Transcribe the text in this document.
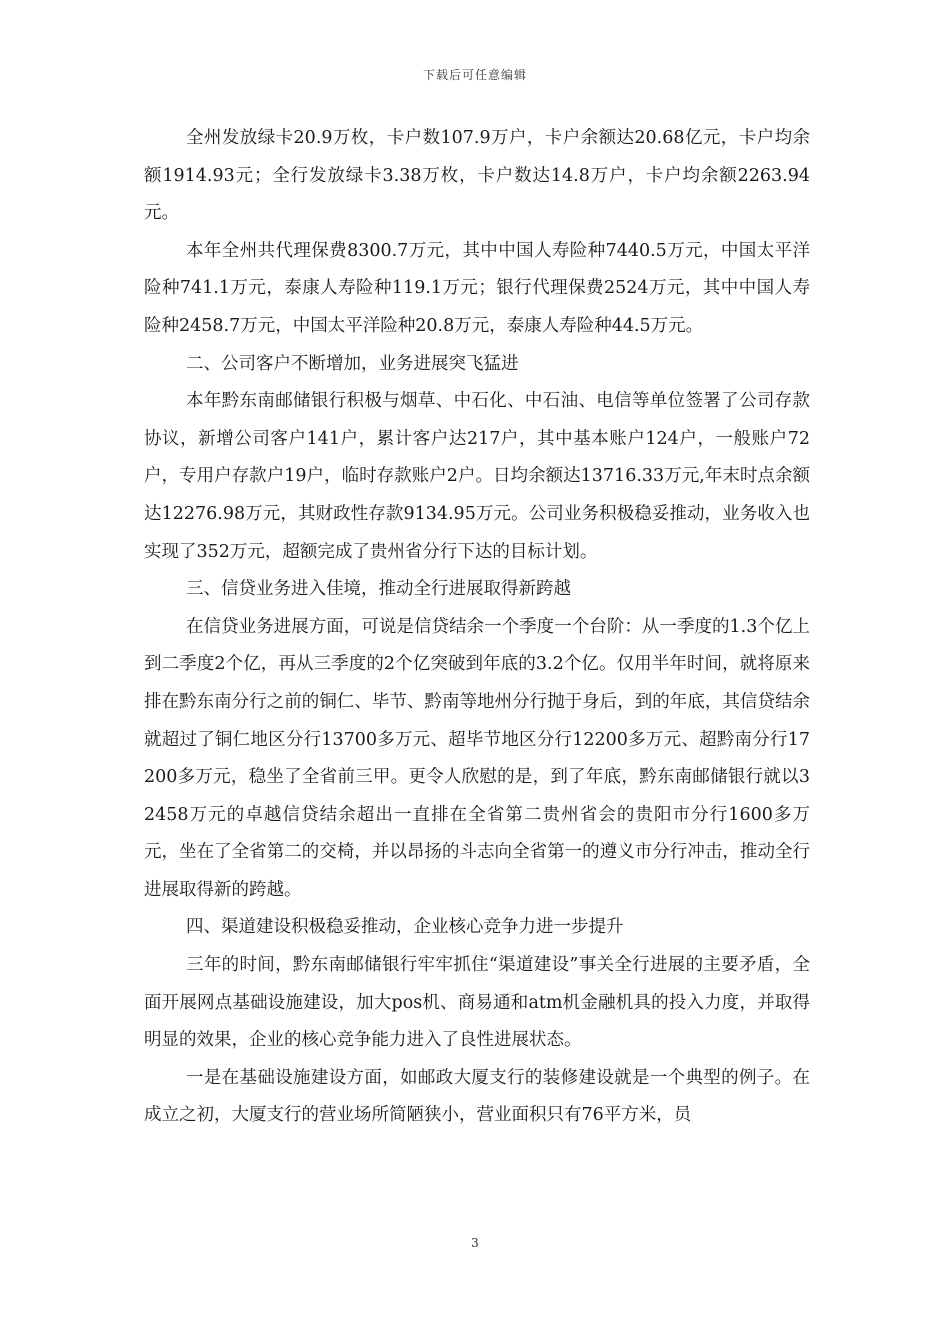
下载后可任意编辑

全州发放绿卡20.9万枚，卡户数107.9万户，卡户余额达20.68亿元，卡户均余额1914.93元；全行发放绿卡3.38万枚，卡户数达14.8万户，卡户均余额2263.94元。

本年全州共代理保费8300.7万元，其中中国人寿险种7440.5万元，中国太平洋险种741.1万元，泰康人寿险种119.1万元；银行代理保费2524万元，其中中国人寿险种2458.7万元，中国太平洋险种20.8万元，泰康人寿险种44.5万元。

二、公司客户不断增加，业务进展突飞猛进

本年黔东南邮储银行积极与烟草、中石化、中石油、电信等单位签署了公司存款协议，新增公司客户141户，累计客户达217户，其中基本账户124户，一般账户72户，专用户存款户19户，临时存款账户2户。日均余额达13716.33万元,年末时点余额达12276.98万元，其财政性存款9134.95万元。公司业务积极稳妥推动，业务收入也实现了352万元，超额完成了贵州省分行下达的目标计划。

三、信贷业务进入佳境，推动全行进展取得新跨越

在信贷业务进展方面，可说是信贷结余一个季度一个台阶：从一季度的1.3个亿上到二季度2个亿，再从三季度的2个亿突破到年底的3.2个亿。仅用半年时间，就将原来排在黔东南分行之前的铜仁、毕节、黔南等地州分行抛于身后，到的年底，其信贷结余就超过了铜仁地区分行13700多万元、超毕节地区分行12200多万元、超黔南分行17200多万元，稳坐了全省前三甲。更令人欣慰的是，到了年底，黔东南邮储银行就以32458万元的卓越信贷结余超出一直排在全省第二贵州省会的贵阳市分行1600多万元，坐在了全省第二的交椅，并以昂扬的斗志向全省第一的遵义市分行冲击，推动全行进展取得新的跨越。

四、渠道建设积极稳妥推动，企业核心竞争力进一步提升

三年的时间，黔东南邮储银行牢牢抓住“渠道建设”事关全行进展的主要矛盾，全面开展网点基础设施建设，加大pos机、商易通和atm机金融机具的投入力度，并取得明显的效果，企业的核心竞争能力进入了良性进展状态。

一是在基础设施建设方面，如邮政大厦支行的装修建设就是一个典型的例子。在成立之初，大厦支行的营业场所简陋狭小，营业面积只有76平方米，员

3
